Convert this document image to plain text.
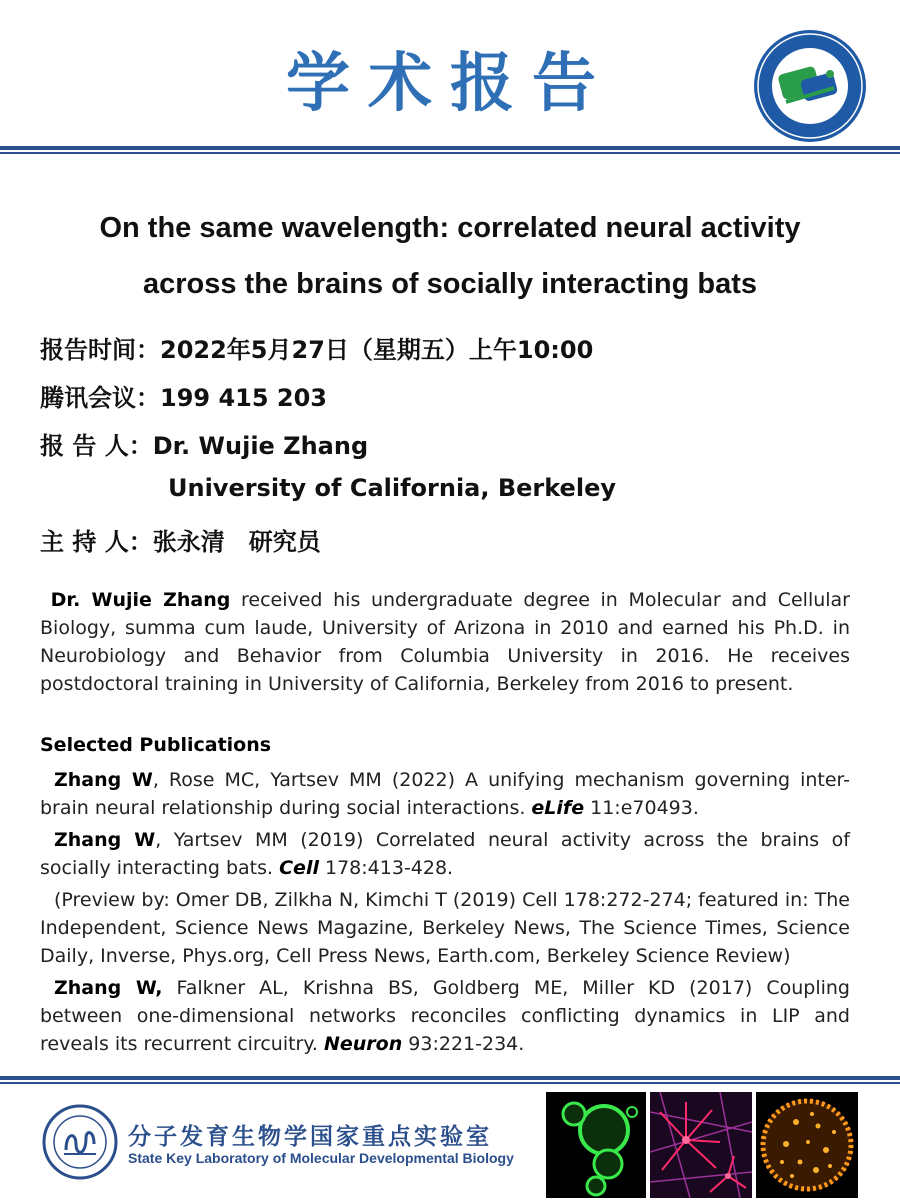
学术报告
On the same wavelength: correlated neural activity
across the brains of socially interacting bats
报告时间：2022年5月27日（星期五）上午10:00
腾讯会议：199 415 203
报 告 人：Dr. Wujie Zhang
University of California, Berkeley
主 持 人：张永清　研究员
Dr. Wujie Zhang received his undergraduate degree in Molecular and Cellular Biology, summa cum laude, University of Arizona in 2010 and earned his Ph.D. in Neurobiology and Behavior from Columbia University in 2016. He receives postdoctoral training in University of California, Berkeley from 2016 to present.
Selected Publications

Zhang W, Rose MC, Yartsev MM (2022) A unifying mechanism governing inter-brain neural relationship during social interactions. eLife 11:e70493.

Zhang W, Yartsev MM (2019) Correlated neural activity across the brains of socially interacting bats. Cell 178:413-428.

(Preview by: Omer DB, Zilkha N, Kimchi T (2019) Cell 178:272-274; featured in: The Independent, Science News Magazine, Berkeley News, The Science Times, Science Daily, Inverse, Phys.org, Cell Press News, Earth.com, Berkeley Science Review)

Zhang W, Falkner AL, Krishna BS, Goldberg ME, Miller KD (2017) Coupling between one-dimensional networks reconciles conflicting dynamics in LIP and reveals its recurrent circuitry. Neuron 93:221-234.

分子发育生物学国家重点实验室
State Key Laboratory of Molecular Developmental Biology
